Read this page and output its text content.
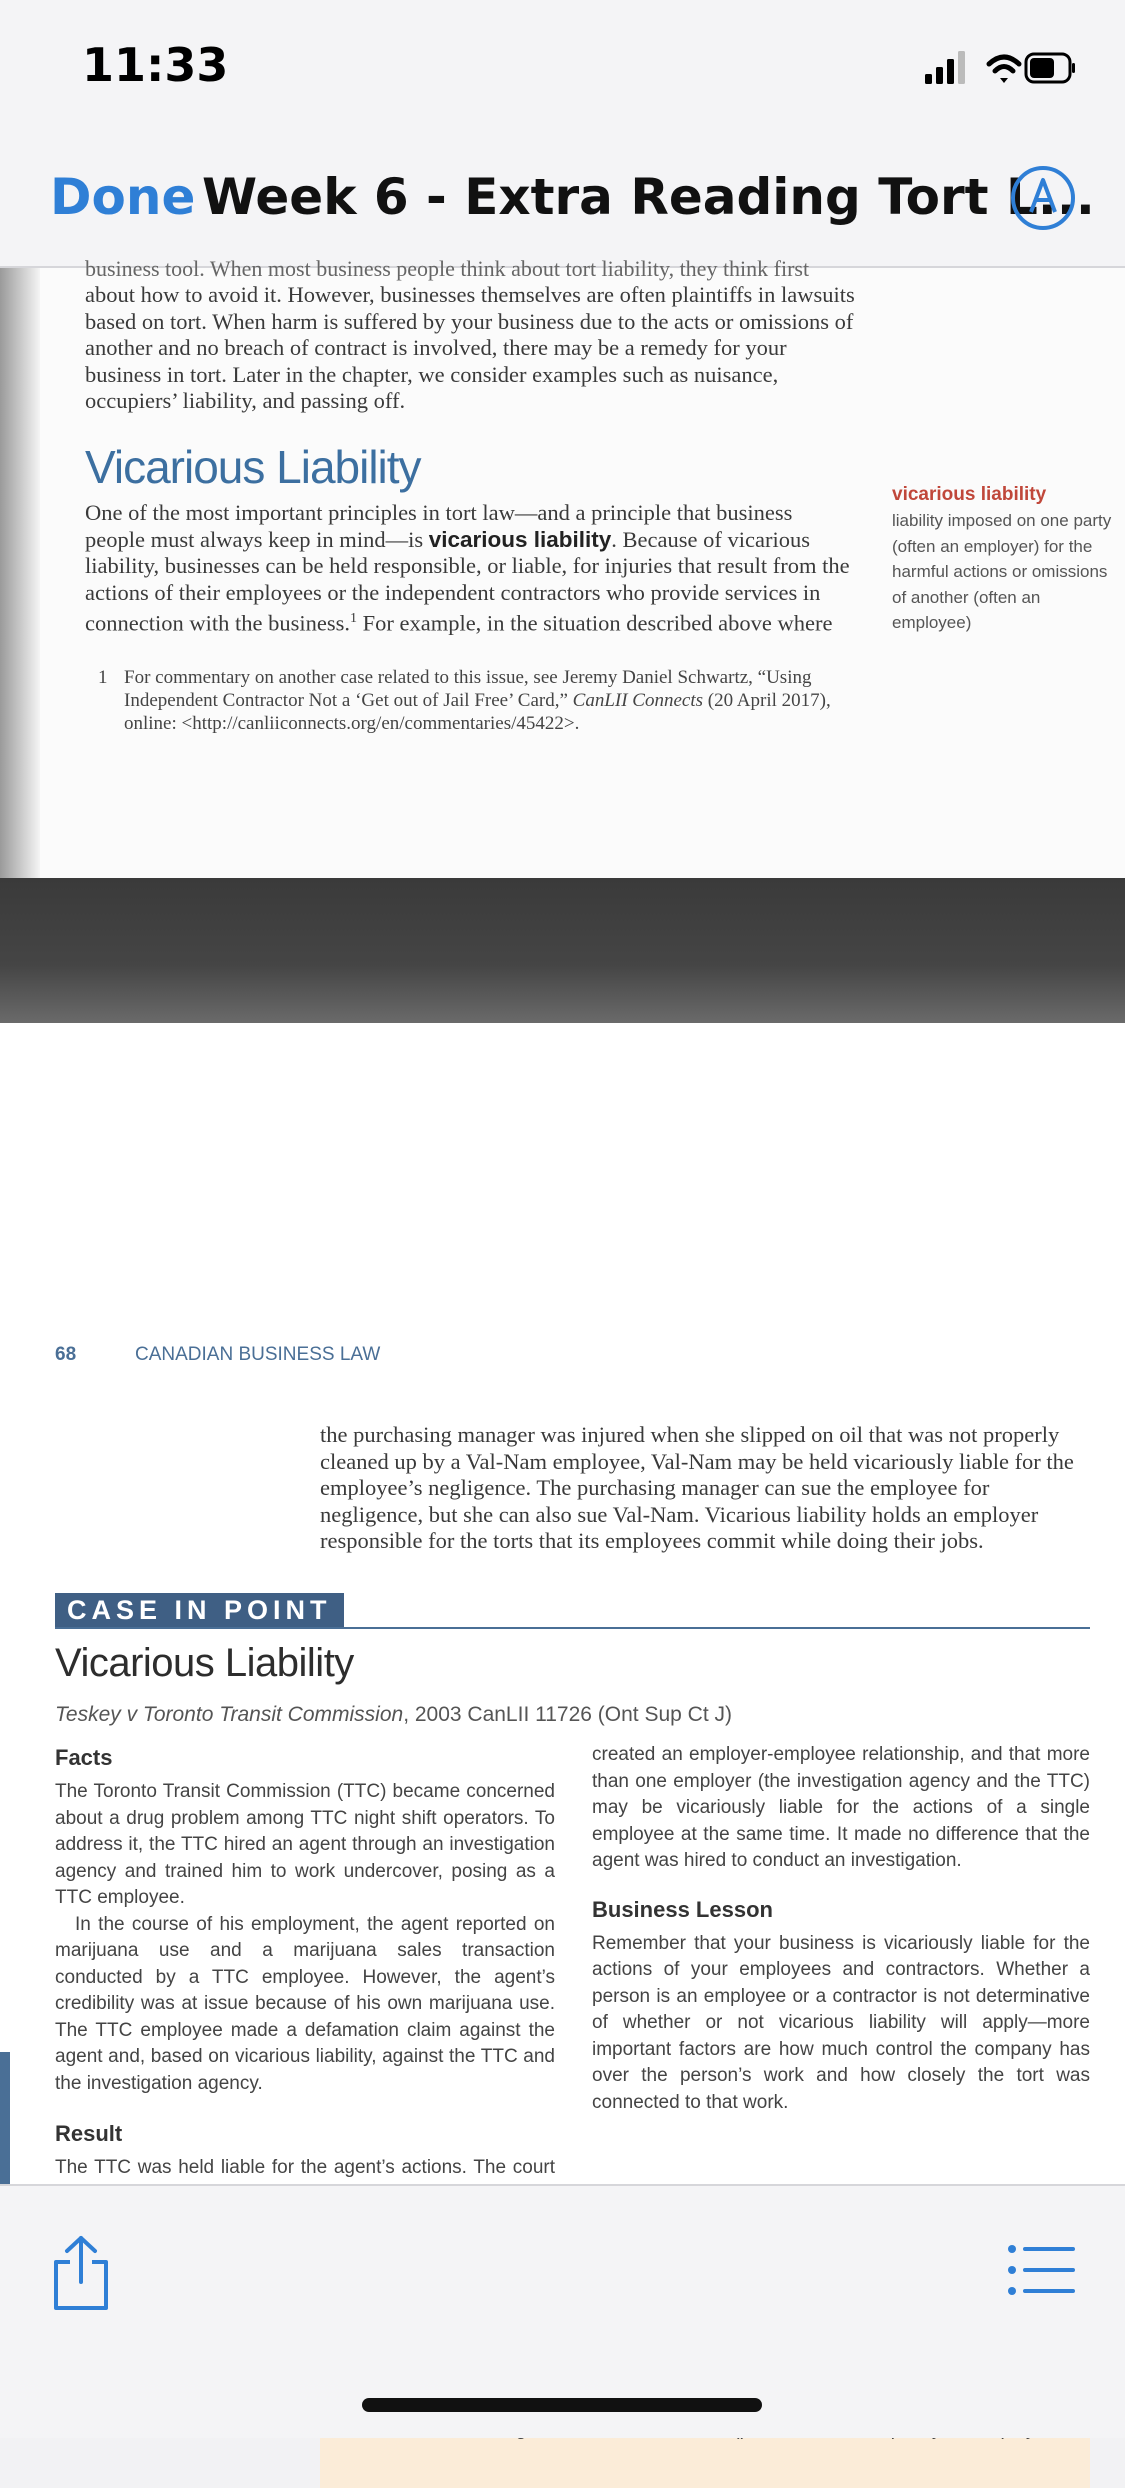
11:33
Done Week 6 - Extra Reading Tort L...
business tool. When most business people think about tort liability, they think first
about how to avoid it. However, businesses themselves are often plaintiffs in lawsuits based on tort. When harm is suffered by your business due to the acts or omissions of another and no breach of contract is involved, there may be a remedy for your business in tort. Later in the chapter, we consider examples such as nuisance, occupiers’ liability, and passing off.
Vicarious Liability
One of the most important principles in tort law—and a principle that business people must always keep in mind—is vicarious liability. Because of vicarious liability, businesses can be held responsible, or liable, for injuries that result from the actions of their employees or the independent contractors who provide services in connection with the business.$^1$ For example, in the situation described above where
vicarious liability
liability imposed on one party (often an employer) for the harmful actions or omissions of another (often an employee)
1 For commentary on another case related to this issue, see Jeremy Daniel Schwartz, “Using Independent Contractor Not a ‘Get out of Jail Free’ Card,” CanLII Connects (20 April 2017), online: <http://canliiconnects.org/en/commentaries/45422>.
68	CANADIAN BUSINESS LAW
the purchasing manager was injured when she slipped on oil that was not properly cleaned up by a Val-Nam employee, Val-Nam may be held vicariously liable for the employee’s negligence. The purchasing manager can sue the employee for negligence, but she can also sue Val-Nam. Vicarious liability holds an employer responsible for the torts that its employees commit while doing their jobs.
CASE IN POINT
Vicarious Liability
Teskey v Toronto Transit Commission, 2003 CanLII 11726 (Ont Sup Ct J)
Facts
The Toronto Transit Commission (TTC) became concerned about a drug problem among TTC night shift operators. To address it, the TTC hired an agent through an investigation agency and trained him to work undercover, posing as a TTC employee.
In the course of his employment, the agent reported on marijuana use and a marijuana sales transaction conducted by a TTC employee. However, the agent’s credibility was at issue because of his own marijuana use. The TTC employee made a defamation claim against the agent and, based on vicarious liability, against the TTC and the investigation agency.
Result
The TTC was held liable for the agent’s actions. The court
created an employer-employee relationship, and that more than one employer (the investigation agency and the TTC) may be vicariously liable for the actions of a single employee at the same time. It made no difference that the agent was hired to conduct an investigation.
Business Lesson
Remember that your business is vicariously liable for the actions of your employees and contractors. Whether a person is an employee or a contractor is not determinative of whether or not vicarious liability will apply—more important factors are how much control the company has over the person’s work and how closely the tort was connected to that work.
